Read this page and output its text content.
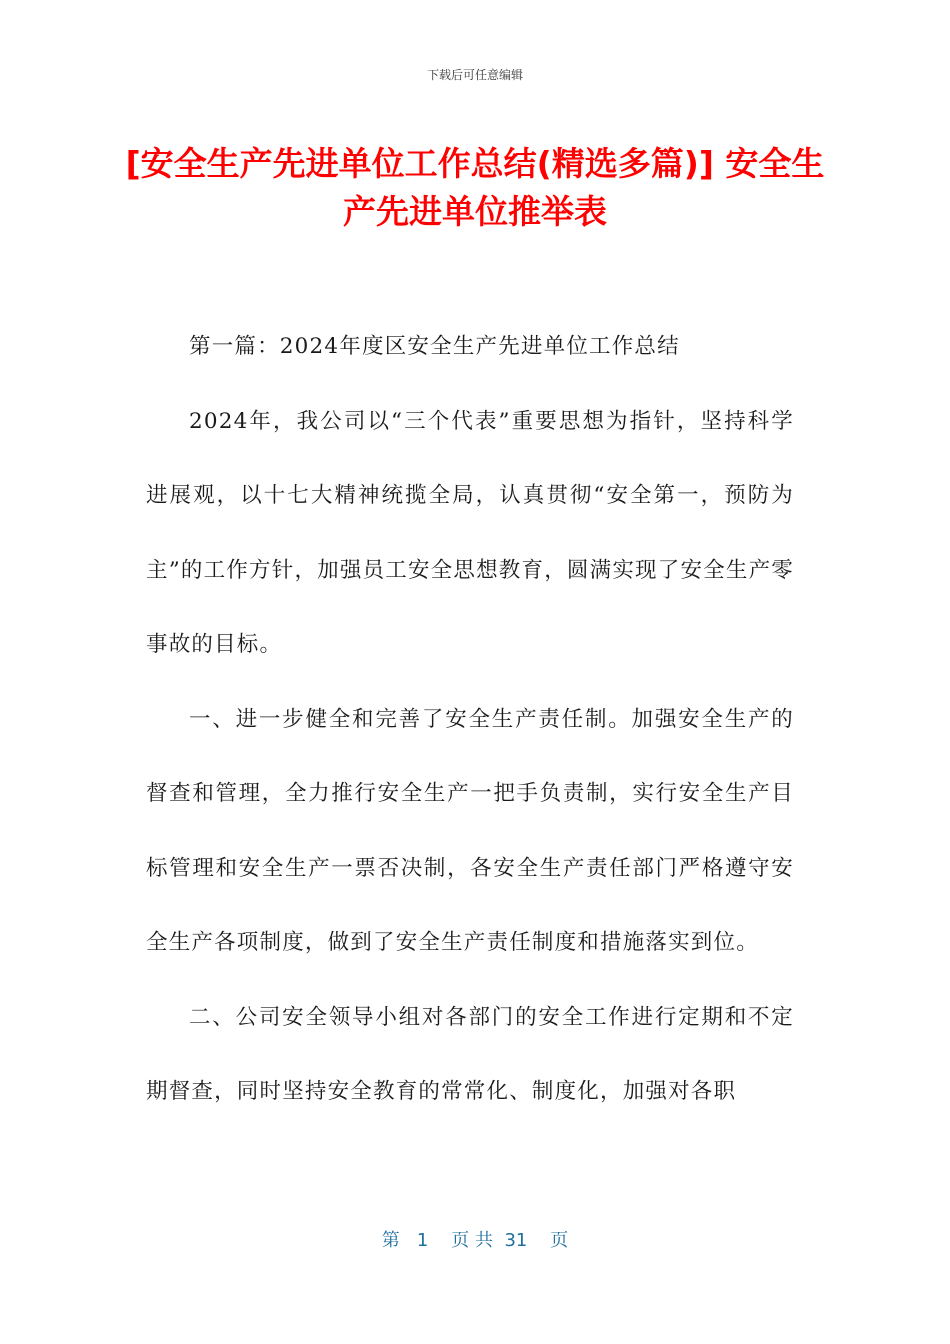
下载后可任意编辑
[安全生产先进单位工作总结(精选多篇)] 安全生产先进单位推举表

第一篇：2024年度区安全生产先进单位工作总结

2024年，我公司以“三个代表”重要思想为指针，坚持科学进展观，以十七大精神统揽全局，认真贯彻“安全第一，预防为主”的工作方针，加强员工安全思想教育，圆满实现了安全生产零事故的目标。

一、进一步健全和完善了安全生产责任制。加强安全生产的督查和管理，全力推行安全生产一把手负责制，实行安全生产目标管理和安全生产一票否决制，各安全生产责任部门严格遵守安全生产各项制度，做到了安全生产责任制度和措施落实到位。

二、公司安全领导小组对各部门的安全工作进行定期和不定期督查，同时坚持安全教育的常常化、制度化，加强对各职

第 1 页 共 31 页
